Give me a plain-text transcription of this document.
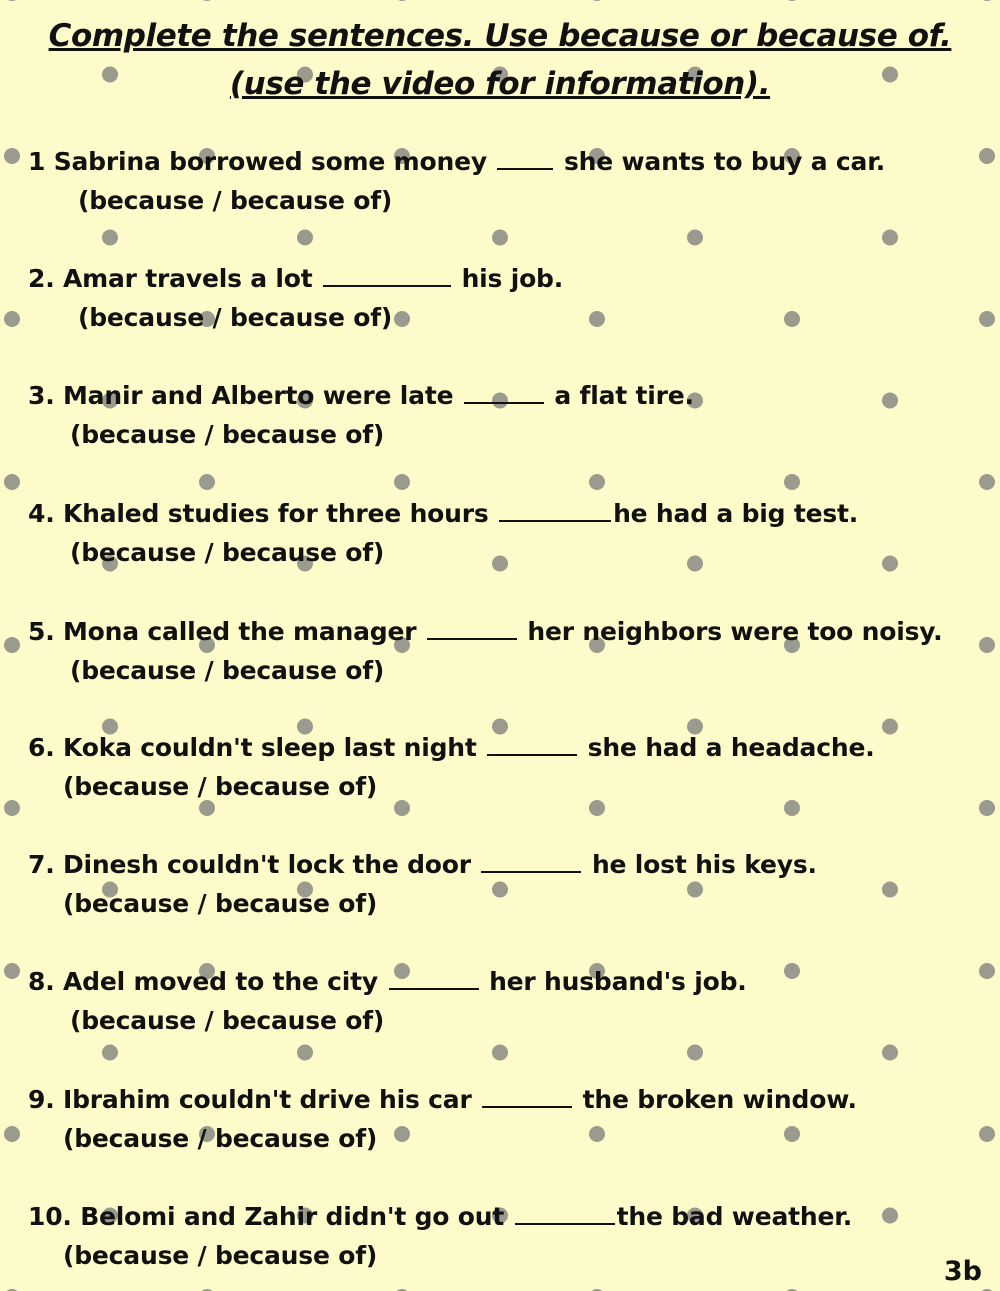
Complete the sentences. Use because or because of. (use the video for information).
1 Sabrina borrowed some money	she wants to buy a car.
(because / because of)
2. Amar travels a lot	his job.
(because / because of)
3. Manir and Alberto were late	a flat tire.
(because / because of)
4. Khaled studies for three hours	he had a big test.
(because / because of)
5. Mona called the manager	her neighbors were too noisy.
(because / because of)
6. Koka couldn't sleep last night	she had a headache.
(because / because of)
7. Dinesh couldn't lock the door	he lost his keys.
(because / because of)
8. Adel moved to the city	her husband's job.
(because / because of)
9. Ibrahim couldn't drive his car	the broken window.
(because / because of)
10. Belomi and Zahir didn't go out	the bad weather.
(because / because of)
3b
